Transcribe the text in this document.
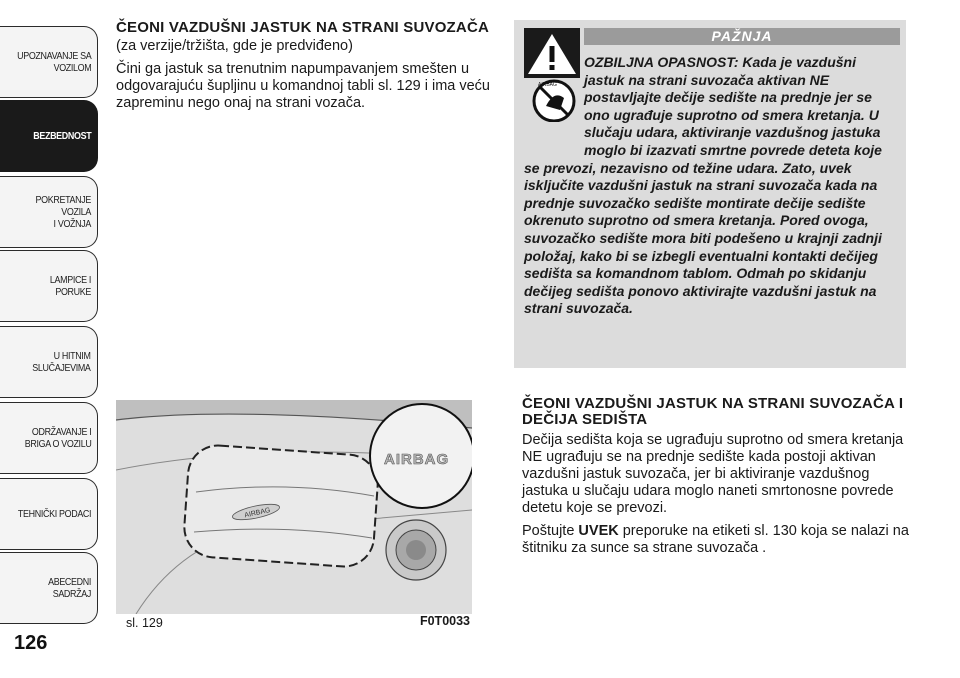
UPOZNAVANJE SA
VOZILOM
BEZBEDNOST
POKRETANJE VOZILA
I VOŽNJA
LAMPICE I PORUKE
U HITNIM
SLUČAJEVIMA
ODRŽAVANJE I
BRIGA O VOZILU
TEHNIČKI PODACI
ABECEDNI SADRŽAJ
126
ČEONI VAZDUŠNI JASTUK NA STRANI SUVOZAČA
(za verzije/tržišta, gde je predviđeno)

Čini ga jastuk sa trenutnim napumpavanjem smešten u odgovarajuću šupljinu u komandnoj tabli sl. 129 i ima veću zapreminu nego onaj na strani vozača.

AIRBAG
AIRBAG
sl. 129	F0T0033
AIRBAG
PAŽNJA
OZBILJNA OPASNOST: Kada je vazdušni jastuk na strani suvozača aktivan NE postavljajte dečije sedište na prednje jer se ono ugrađuje suprotno od smera kretanja. U slučaju udara, aktiviranje vazdušnog jastuka moglo bi izazvati smrtne povrede deteta koje se prevozi, nezavisno od težine udara. Zato, uvek isključite vazdušni jastuk na strani suvozača kada na prednje suvozačko sedište montirate dečije sedište okrenuto suprotno od smera kretanja. Pored ovoga, suvozačko sedište mora biti podešeno u krajnji zadnji položaj, kako bi se izbegli eventualni kontakti dečijeg sedišta sa komandnom tablom. Odmah po skidanju dečijeg sedišta ponovo aktivirajte vazdušni jastuk na strani suvozača.
ČEONI VAZDUŠNI JASTUK NA STRANI SUVOZAČA I DEČIJA SEDIŠTA

Dečija sedišta koja se ugrađuju suprotno od smera kretanja NE ugrađuju se na prednje sedište kada postoji aktivan vazdušni jastuk suvozača, jer bi aktiviranje vazdušnog jastuka u slučaju udara moglo naneti smrtonosne povrede detetu koje se prevozi.

Poštujte UVEK preporuke na etiketi sl. 130 koja se nalazi na štitniku za sunce sa strane suvozača .
